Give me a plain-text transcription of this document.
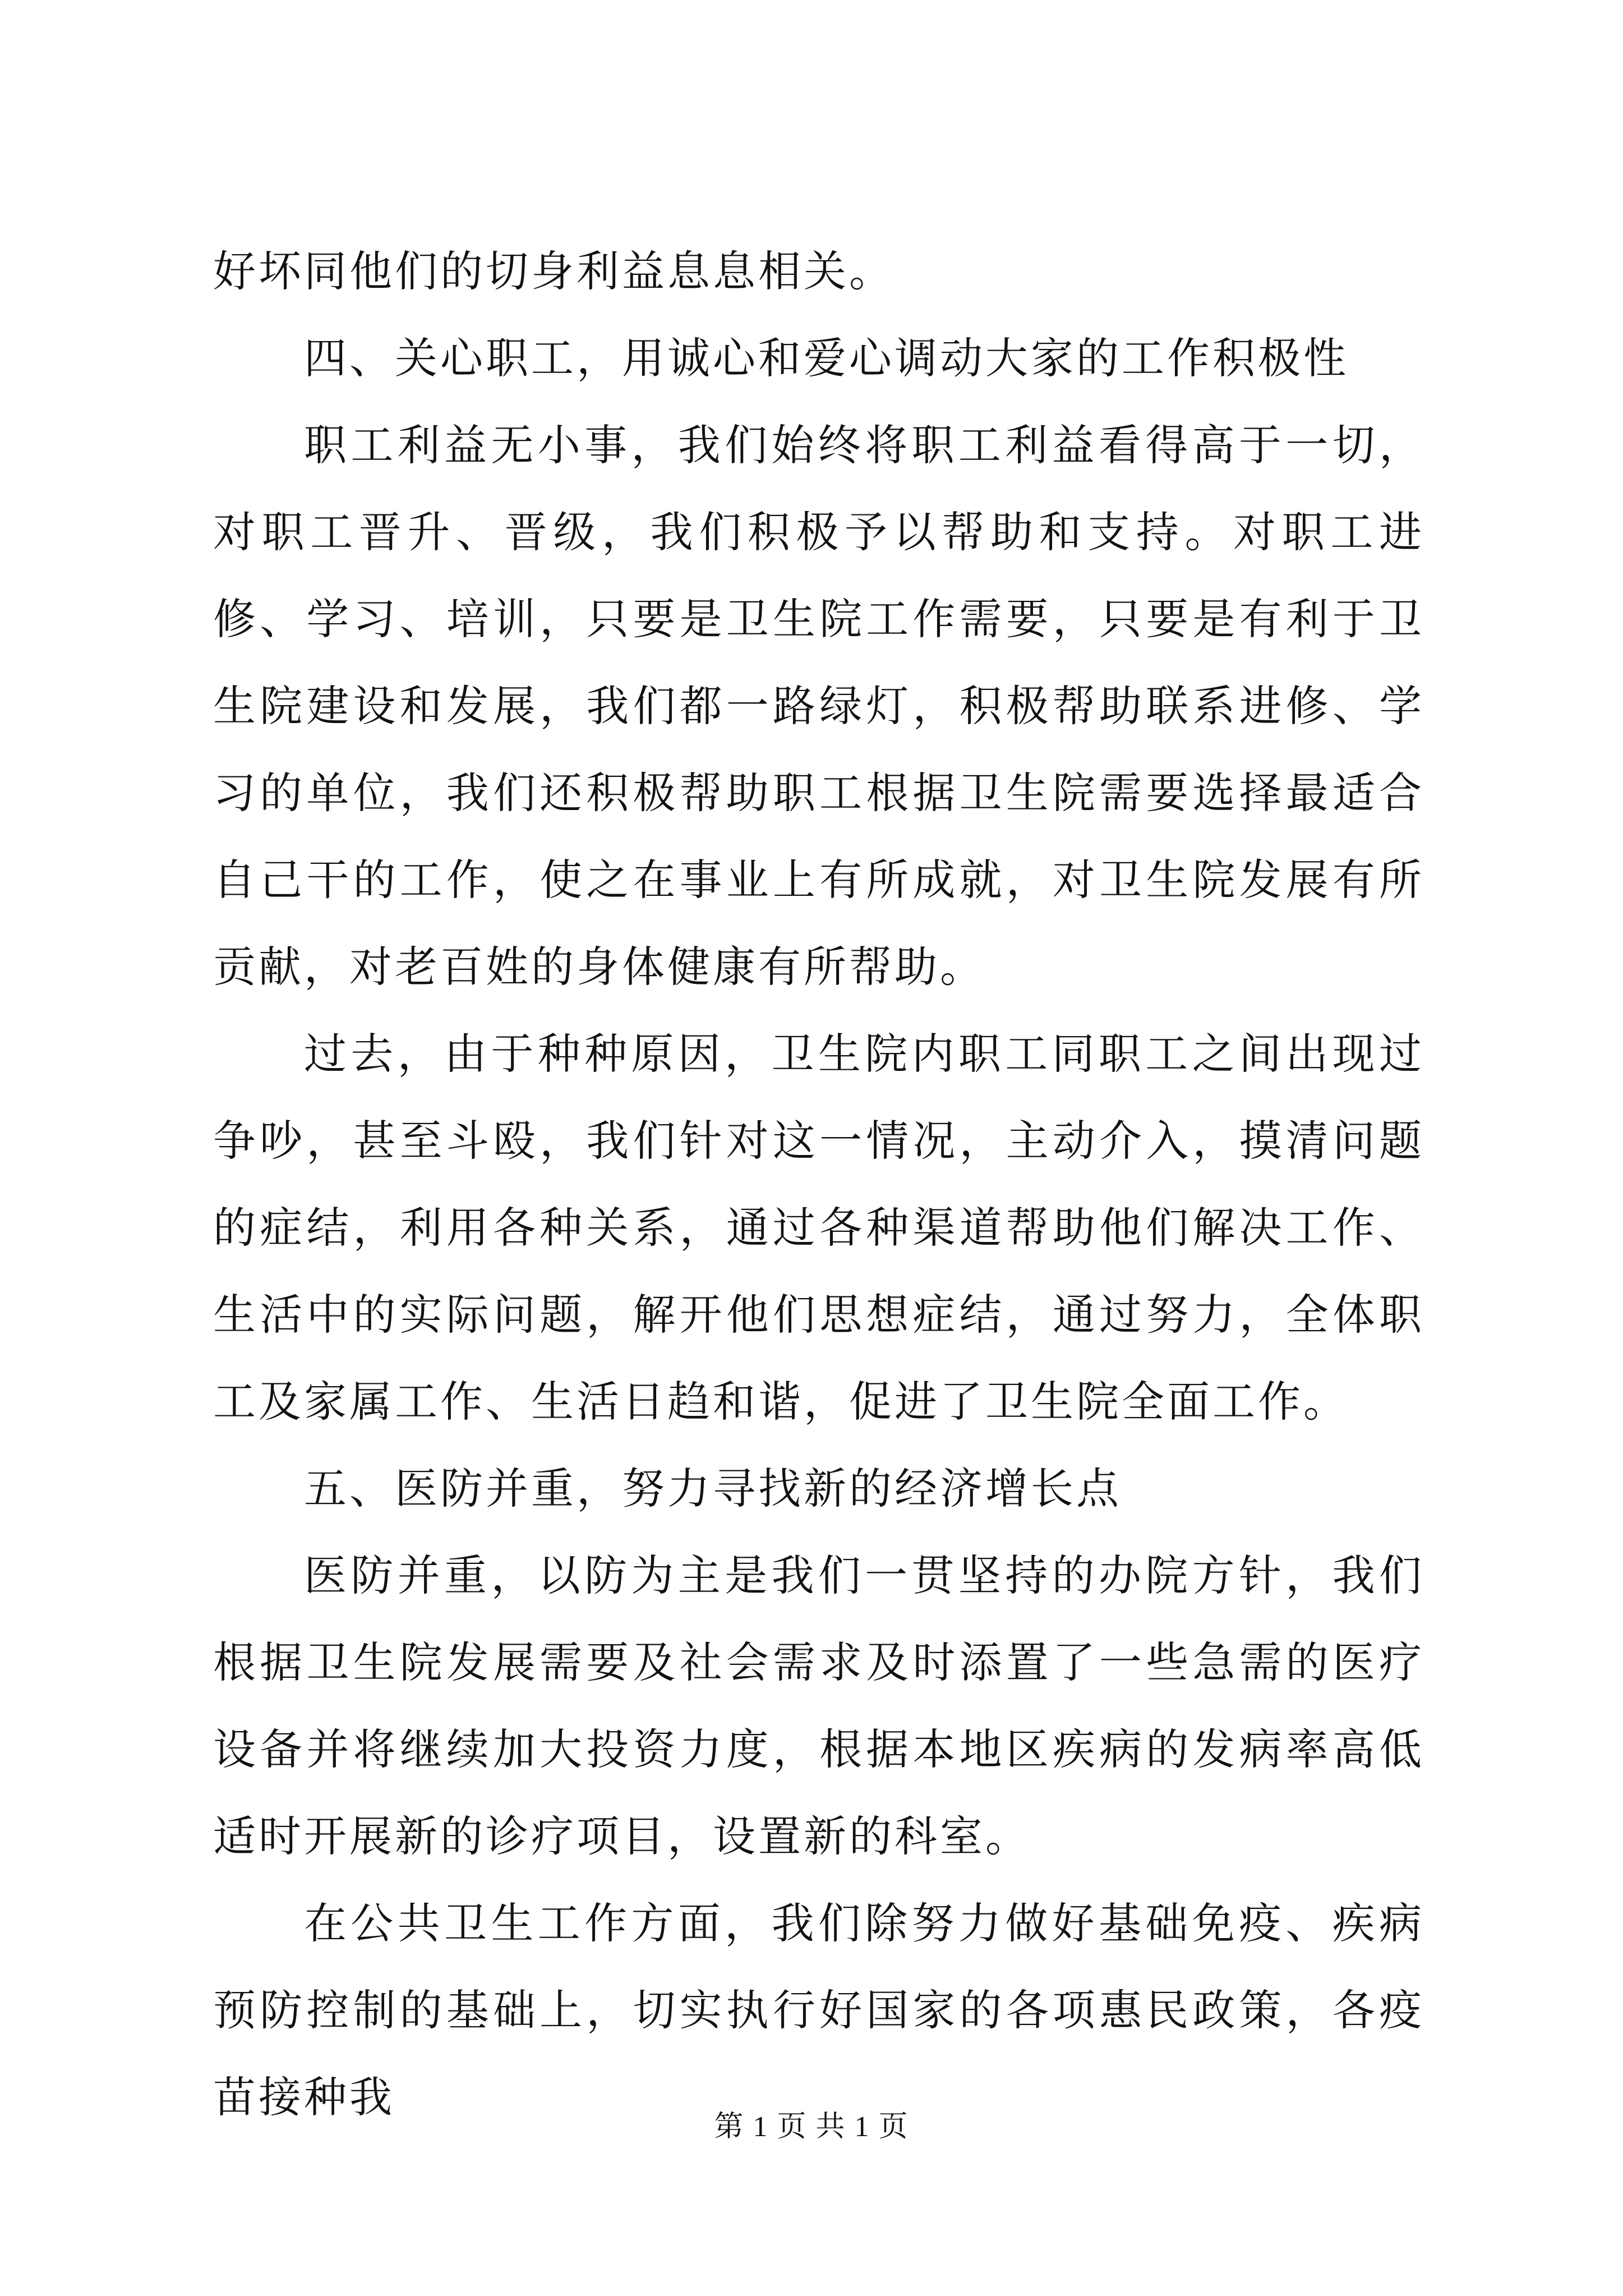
好坏同他们的切身利益息息相关。

四、关心职工，用诚心和爱心调动大家的工作积极性

职工利益无小事，我们始终将职工利益看得高于一切，对职工晋升、晋级，我们积极予以帮助和支持。对职工进修、学习、培训，只要是卫生院工作需要，只要是有利于卫生院建设和发展，我们都一路绿灯，积极帮助联系进修、学习的单位，我们还积极帮助职工根据卫生院需要选择最适合自己干的工作，使之在事业上有所成就，对卫生院发展有所贡献，对老百姓的身体健康有所帮助。

过去，由于种种原因，卫生院内职工同职工之间出现过争吵，甚至斗殴，我们针对这一情况，主动介入，摸清问题的症结，利用各种关系，通过各种渠道帮助他们解决工作、生活中的实际问题，解开他们思想症结，通过努力，全体职工及家属工作、生活日趋和谐，促进了卫生院全面工作。

五、医防并重，努力寻找新的经济增长点

医防并重，以防为主是我们一贯坚持的办院方针，我们根据卫生院发展需要及社会需求及时添置了一些急需的医疗设备并将继续加大投资力度，根据本地区疾病的发病率高低适时开展新的诊疗项目，设置新的科室。

在公共卫生工作方面，我们除努力做好基础免疫、疾病预防控制的基础上，切实执行好国家的各项惠民政策，各疫苗接种我

第 1 页 共 1 页
